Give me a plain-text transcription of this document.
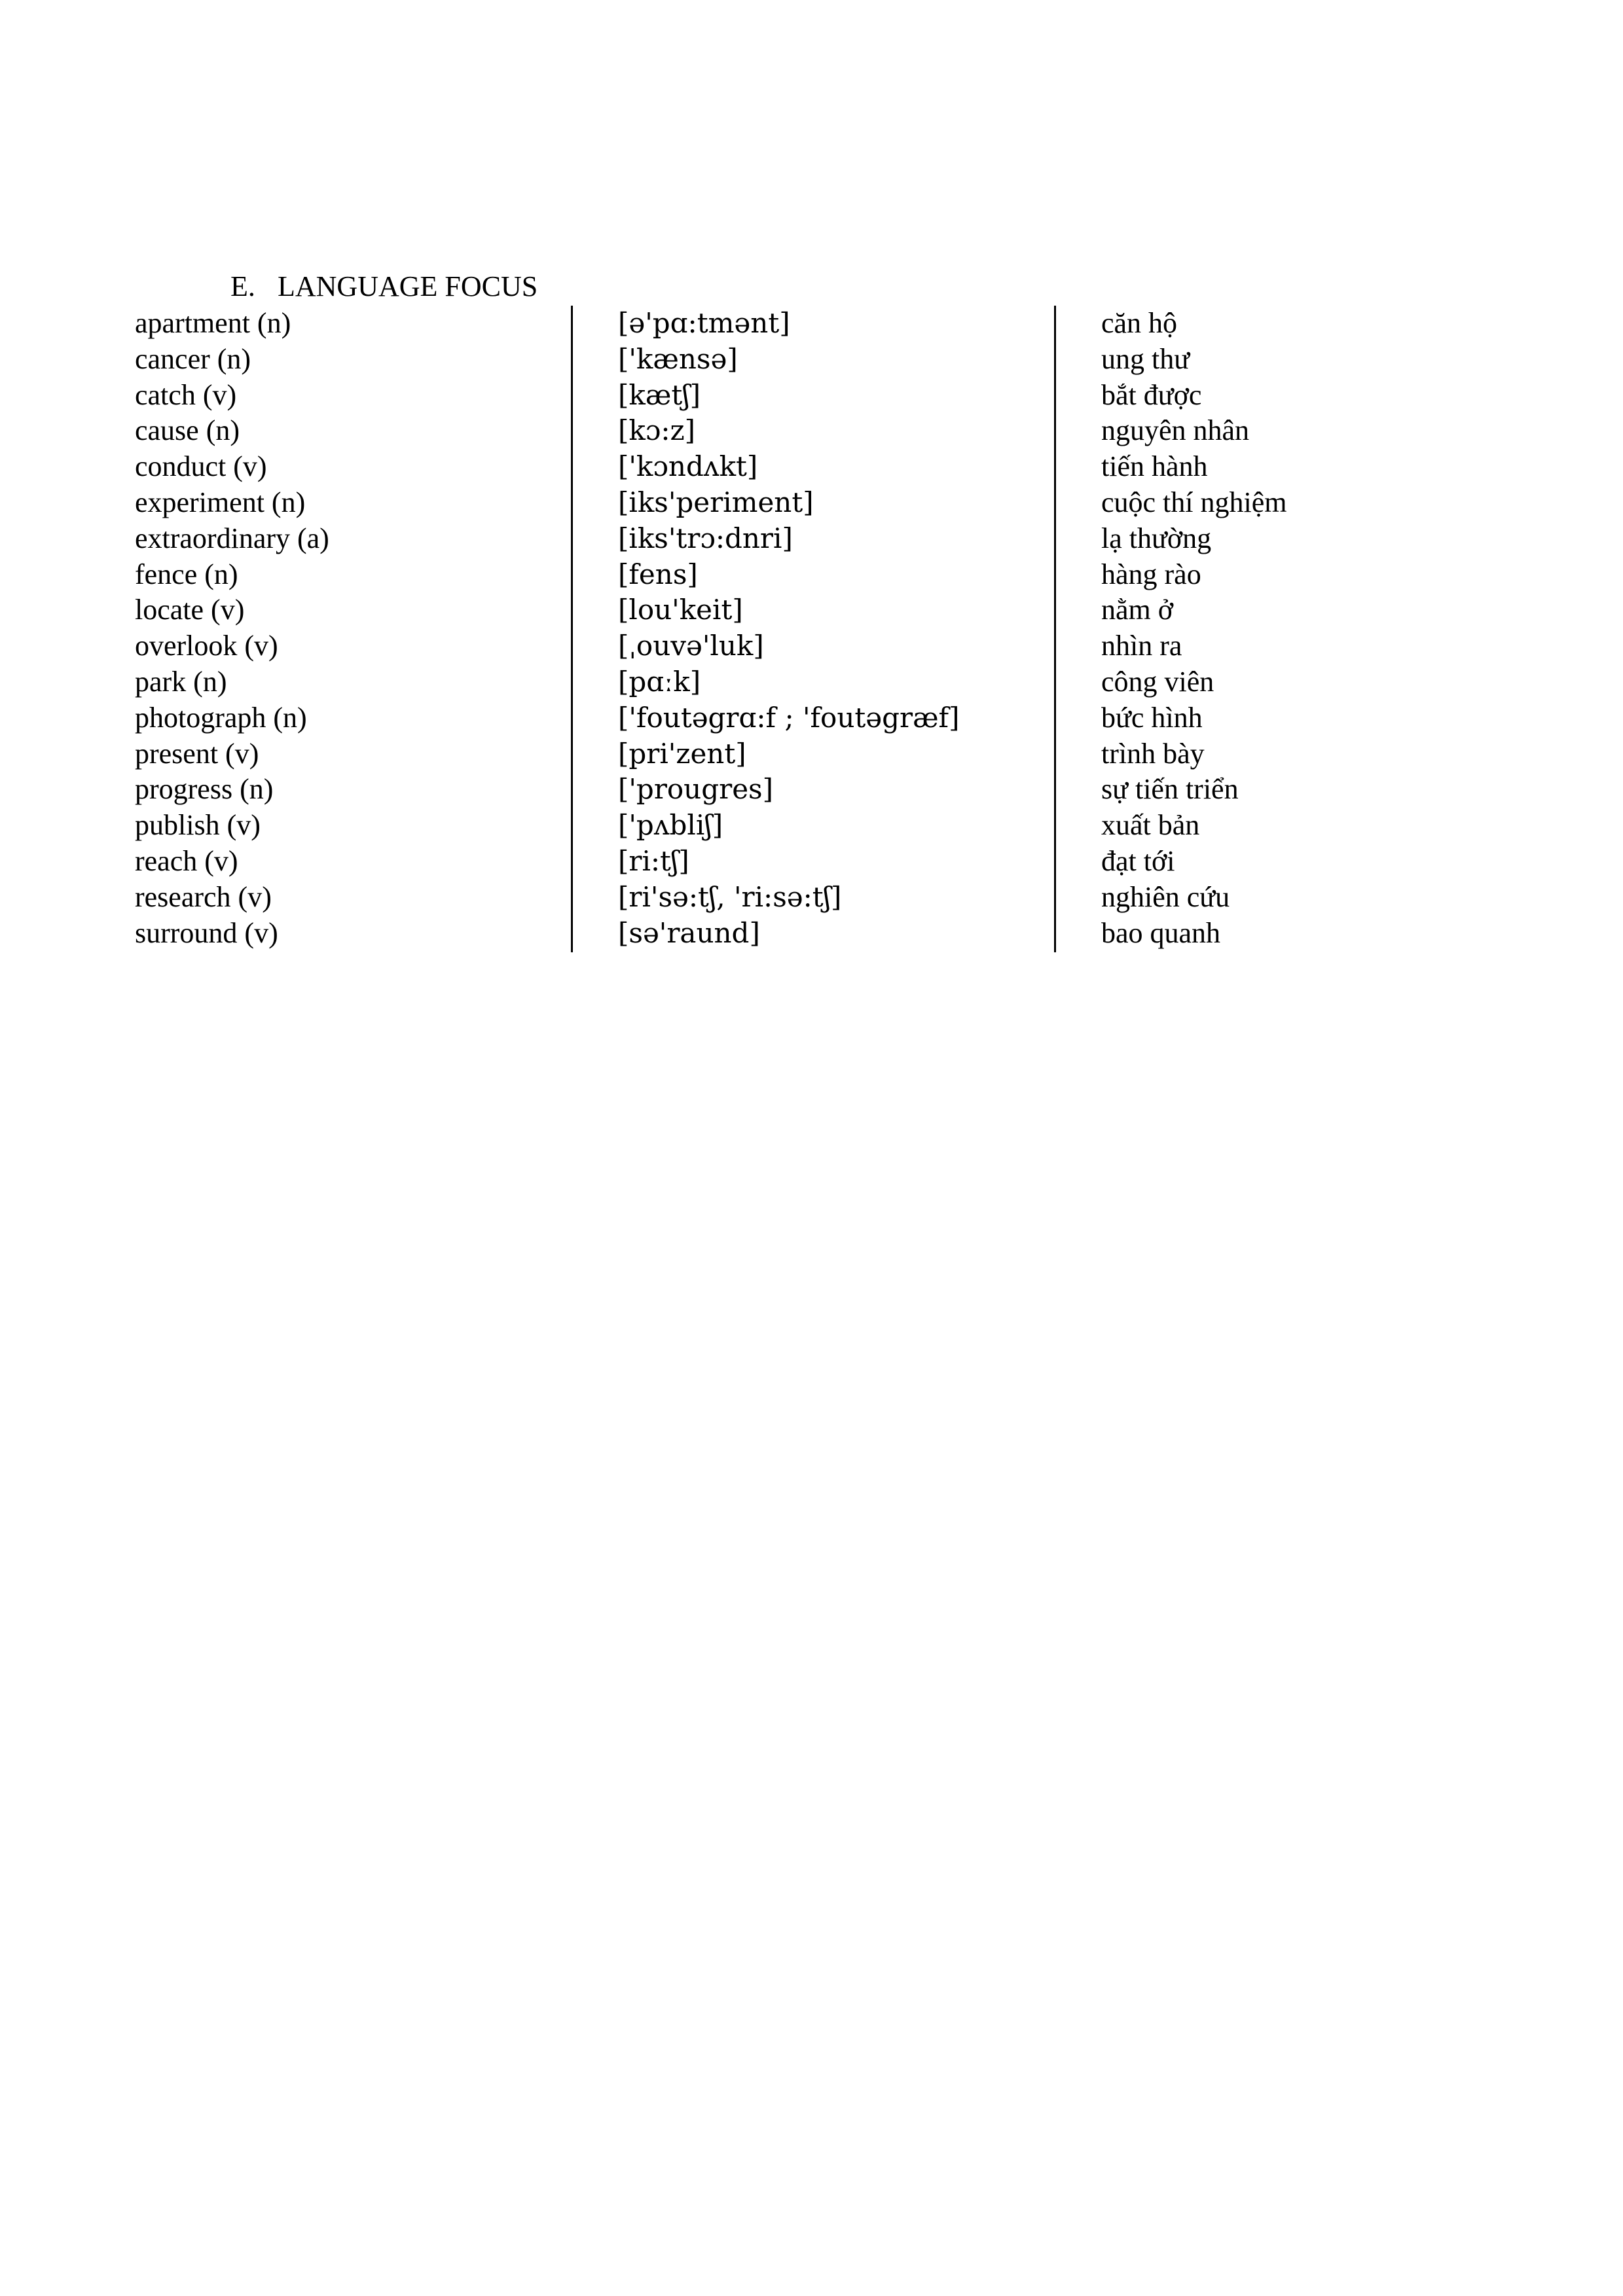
E. LANGUAGE FOCUS
apartment (n)
cancer (n)
catch (v)
cause (n)
conduct (v)
experiment (n)
extraordinary (a)
fence (n)
locate (v)
overlook (v)
park (n)
photograph (n)
present (v)
progress (n)
publish (v)
reach (v)
research (v)
surround (v)
[ə'pɑ:tmənt]
['kænsə]
[kætʃ]
[kɔ:z]
['kɔndʌkt]
[iks'periment]
[iks'trɔ:dnri]
[fens]
[lou'keit]
[ˌouvə'luk]
[pɑːk]
['foutəgrɑ:f ; 'foutəgræf]
[pri'zent]
['prougres]
['pʌbliʃ]
[ri:tʃ]
[ri'sə:tʃ, 'ri:sə:tʃ]
[sə'raund]
căn hộ
ung thư
bắt được
nguyên nhân
tiến hành
cuộc thí nghiệm
lạ thường
hàng rào
nằm ở
nhìn ra
công viên
bức hình
trình bày
sự tiến triển
xuất bản
đạt tới
nghiên cứu
bao quanh
